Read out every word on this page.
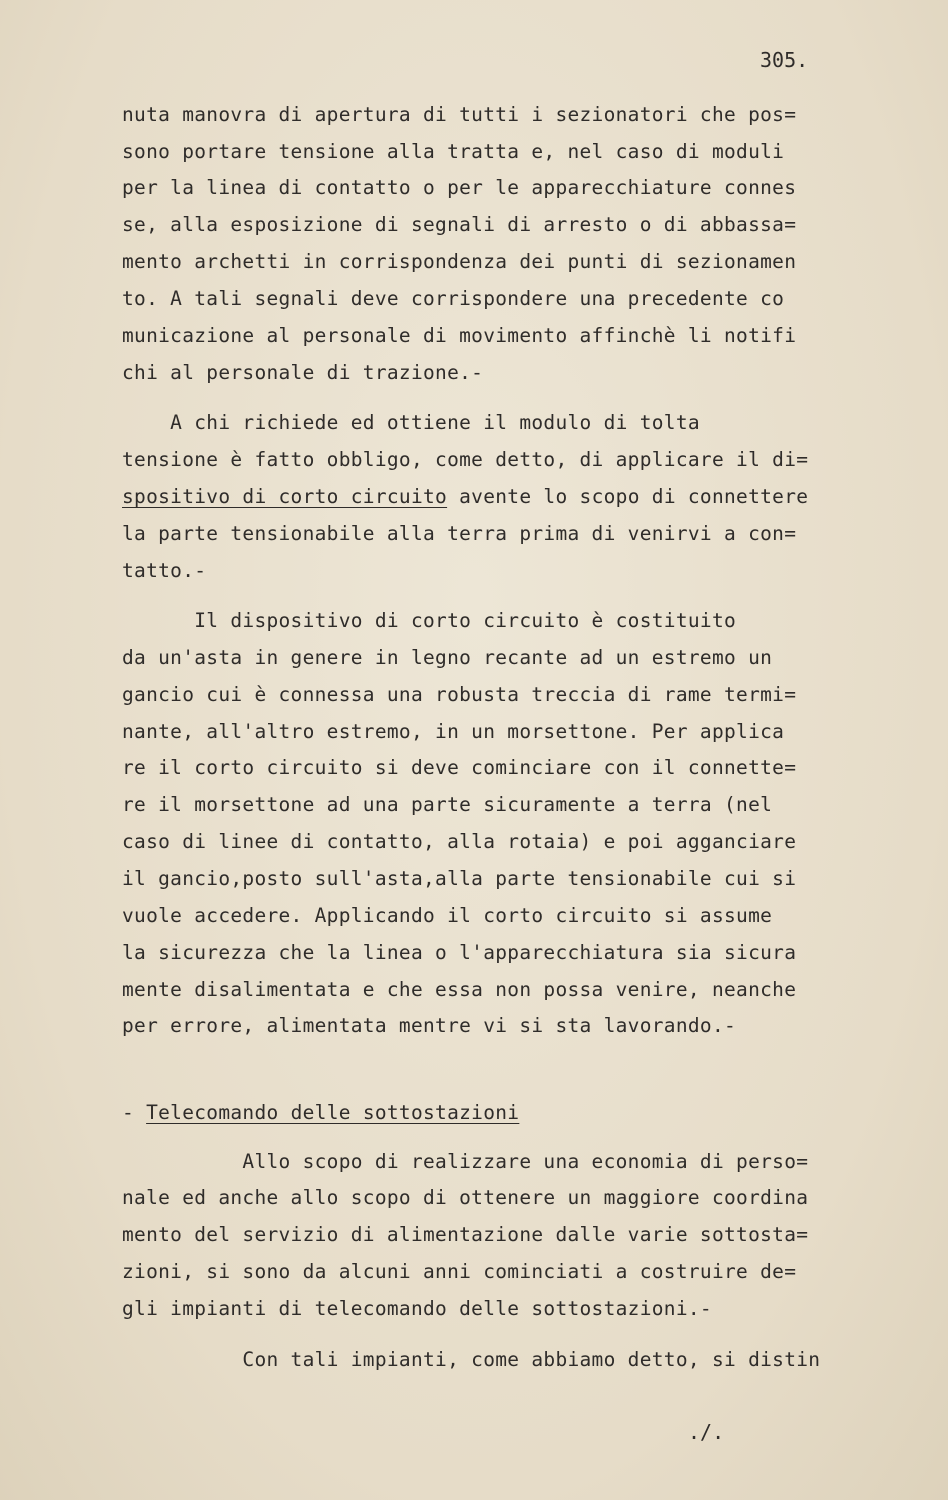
305.
nuta manovra di apertura di tutti i sezionatori che pos=
sono portare tensione alla tratta e, nel caso di moduli
per la linea di contatto o per le apparecchiature connes
se, alla esposizione di segnali di arresto o di abbassa=
mento archetti in corrispondenza dei punti di sezionamen
to. A tali segnali deve corrispondere una precedente co
municazione al personale di movimento affinchè li notifi
chi al personale di trazione.-
A chi richiede ed ottiene il modulo di tolta
tensione è fatto obbligo, come detto, di applicare il di=
spositivo di corto circuito avente lo scopo di connettere
la parte tensionabile alla terra prima di venirvi a con=
tatto.-
Il dispositivo di corto circuito è costituito
da un'asta in genere in legno recante ad un estremo un
gancio cui è connessa una robusta treccia di rame termi=
nante, all'altro estremo, in un morsettone. Per applica
re il corto circuito si deve cominciare con il connette=
re il morsettone ad una parte sicuramente a terra (nel
caso di linee di contatto, alla rotaia) e poi agganciare
il gancio,posto sull'asta,alla parte tensionabile cui si
vuole accedere. Applicando il corto circuito si assume
la sicurezza che la linea o l'apparecchiatura sia sicura
mente disalimentata e che essa non possa venire, neanche
per errore, alimentata mentre vi si sta lavorando.-
- Telecomando delle sottostazioni
Allo scopo di realizzare una economia di perso=
nale ed anche allo scopo di ottenere un maggiore coordina
mento del servizio di alimentazione dalle varie sottosta=
zioni, si sono da alcuni anni cominciati a costruire de=
gli impianti di telecomando delle sottostazioni.-
Con tali impianti, come abbiamo detto, si distin
./.
